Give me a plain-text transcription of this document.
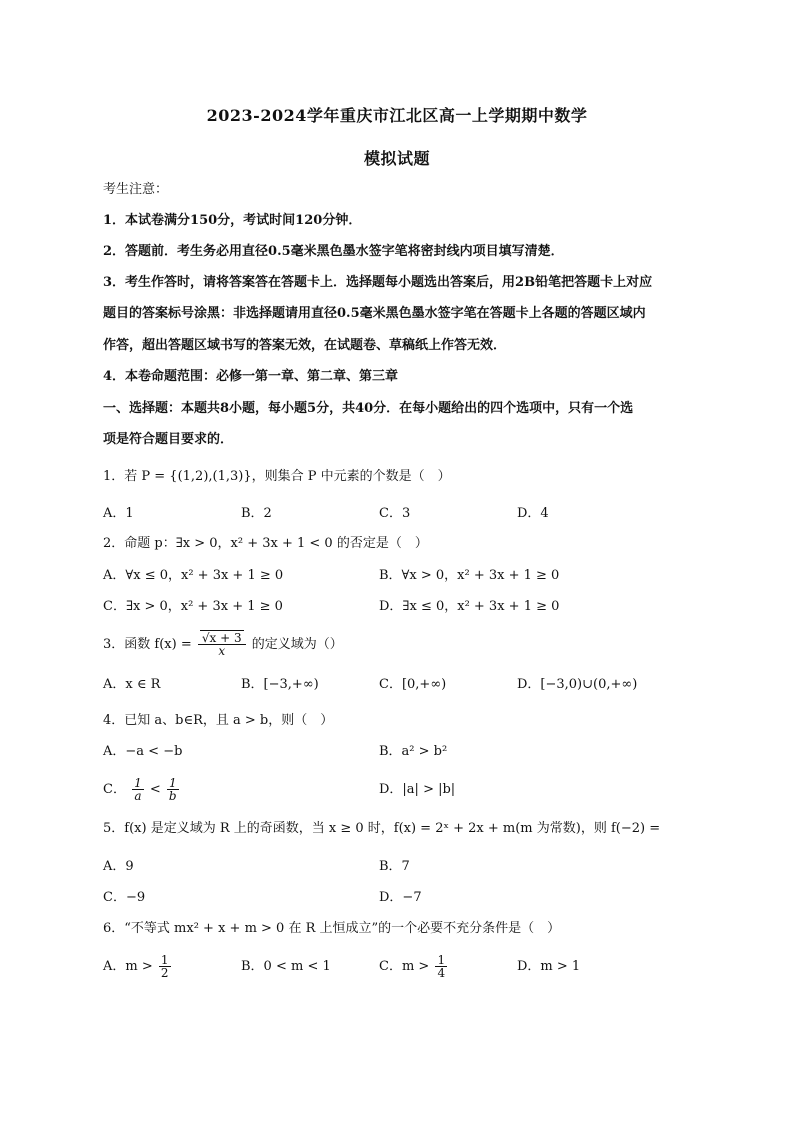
2023-2024学年重庆市江北区高一上学期期中数学
模拟试题
考生注意：
1．本试卷满分150分，考试时间120分钟．
2．答题前．考生务必用直径0.5毫米黑色墨水签字笔将密封线内项目填写清楚．
3．考生作答时，请将答案答在答题卡上．选择题每小题选出答案后，用2B铅笔把答题卡上对应
题目的答案标号涂黑：非选择题请用直径0.5毫米黑色墨水签字笔在答题卡上各题的答题区域内
作答，超出答题区域书写的答案无效，在试题卷、草稿纸上作答无效．
4．本卷命题范围：必修一第一章、第二章、第三章
一、选择题：本题共8小题，每小题5分，共40分．在每小题给出的四个选项中，只有一个选
项是符合题目要求的．
1．若 P = {(1,2),(1,3)}，则集合 P 中元素的个数是（　）
A．1	B．2	C．3	D．4
2．命题 p：∃x > 0，x² + 3x + 1 < 0 的否定是（　）
A．∀x ≤ 0，x² + 3x + 1 ≥ 0	B．∀x > 0，x² + 3x + 1 ≥ 0
C．∃x > 0，x² + 3x + 1 ≥ 0	D．∃x ≤ 0，x² + 3x + 1 ≥ 0
3．函数 $f(x) = \frac{√x + 3}{x}$ 的定义域为（）
A．x ∈ R	B．[−3,+∞)	C．[0,+∞)	D．[−3,0)∪(0,+∞)
4．已知 a、b∈R，且 a > b，则（　）
A．−a < −b	B．a² > b²
C． $\frac{1}{a} < \frac{1}{b}$	D．|a| > |b|
5．f(x) 是定义域为 R 上的奇函数，当 x ≥ 0 时，f(x) = 2ˣ + 2x + m(m 为常数)，则 f(−2) =
A．9	B．7
C．−9	D．−7
6．“不等式 mx² + x + m > 0 在 R 上恒成立”的一个必要不充分条件是（　）
A．$m > \frac{1}{2}$	B．0 < m < 1	C．$m > \frac{1}{4}$	D．m > 1
